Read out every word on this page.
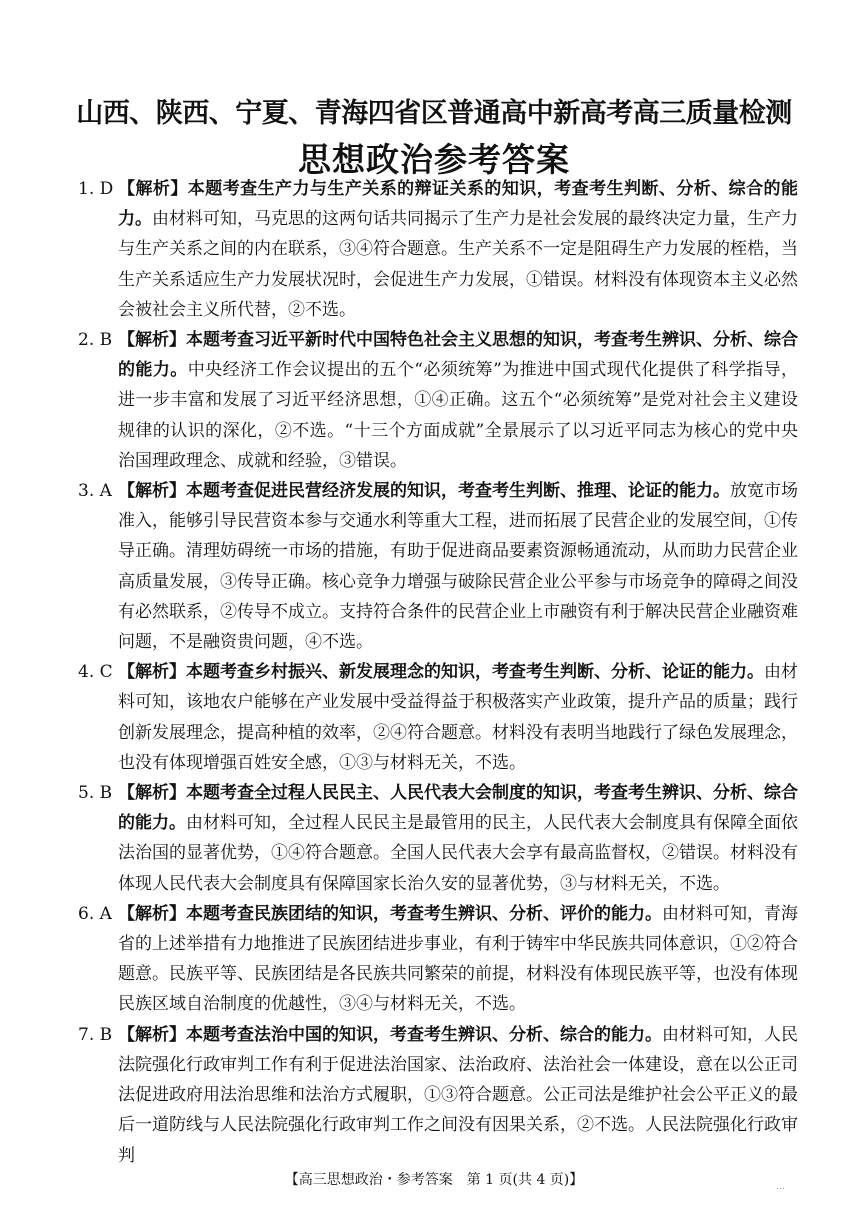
山西、陕西、宁夏、青海四省区普通高中新高考高三质量检测
思想政治参考答案
1. D 【解析】本题考查生产力与生产关系的辩证关系的知识，考查考生判断、分析、综合的能力。由材料可知，马克思的这两句话共同揭示了生产力是社会发展的最终决定力量，生产力与生产关系之间的内在联系，③④符合题意。生产关系不一定是阻碍生产力发展的桎梏，当生产关系适应生产力发展状况时，会促进生产力发展，①错误。材料没有体现资本主义必然会被社会主义所代替，②不选。
2. B 【解析】本题考查习近平新时代中国特色社会主义思想的知识，考查考生辨识、分析、综合的能力。中央经济工作会议提出的五个“必须统筹”为推进中国式现代化提供了科学指导，进一步丰富和发展了习近平经济思想，①④正确。这五个“必须统筹”是党对社会主义建设规律的认识的深化，②不选。“十三个方面成就”全景展示了以习近平同志为核心的党中央治国理政理念、成就和经验，③错误。
3. A 【解析】本题考查促进民营经济发展的知识，考查考生判断、推理、论证的能力。放宽市场准入，能够引导民营资本参与交通水利等重大工程，进而拓展了民营企业的发展空间，①传导正确。清理妨碍统一市场的措施，有助于促进商品要素资源畅通流动，从而助力民营企业高质量发展，③传导正确。核心竞争力增强与破除民营企业公平参与市场竞争的障碍之间没有必然联系，②传导不成立。支持符合条件的民营企业上市融资有利于解决民营企业融资难问题，不是融资贵问题，④不选。
4. C 【解析】本题考查乡村振兴、新发展理念的知识，考查考生判断、分析、论证的能力。由材料可知，该地农户能够在产业发展中受益得益于积极落实产业政策，提升产品的质量；践行创新发展理念，提高种植的效率，②④符合题意。材料没有表明当地践行了绿色发展理念，也没有体现增强百姓安全感，①③与材料无关，不选。
5. B 【解析】本题考查全过程人民民主、人民代表大会制度的知识，考查考生辨识、分析、综合的能力。由材料可知，全过程人民民主是最管用的民主，人民代表大会制度具有保障全面依法治国的显著优势，①④符合题意。全国人民代表大会享有最高监督权，②错误。材料没有体现人民代表大会制度具有保障国家长治久安的显著优势，③与材料无关，不选。
6. A 【解析】本题考查民族团结的知识，考查考生辨识、分析、评价的能力。由材料可知，青海省的上述举措有力地推进了民族团结进步事业，有利于铸牢中华民族共同体意识，①②符合题意。民族平等、民族团结是各民族共同繁荣的前提，材料没有体现民族平等，也没有体现民族区域自治制度的优越性，③④与材料无关，不选。
7. B 【解析】本题考查法治中国的知识，考查考生辨识、分析、综合的能力。由材料可知，人民法院强化行政审判工作有利于促进法治国家、法治政府、法治社会一体建设，意在以公正司法促进政府用法治思维和法治方式履职，①③符合题意。公正司法是维护社会公平正义的最后一道防线与人民法院强化行政审判工作之间没有因果关系，②不选。人民法院强化行政审判
【高三思想政治・参考答案　第 1 页(共 4 页)】	…
